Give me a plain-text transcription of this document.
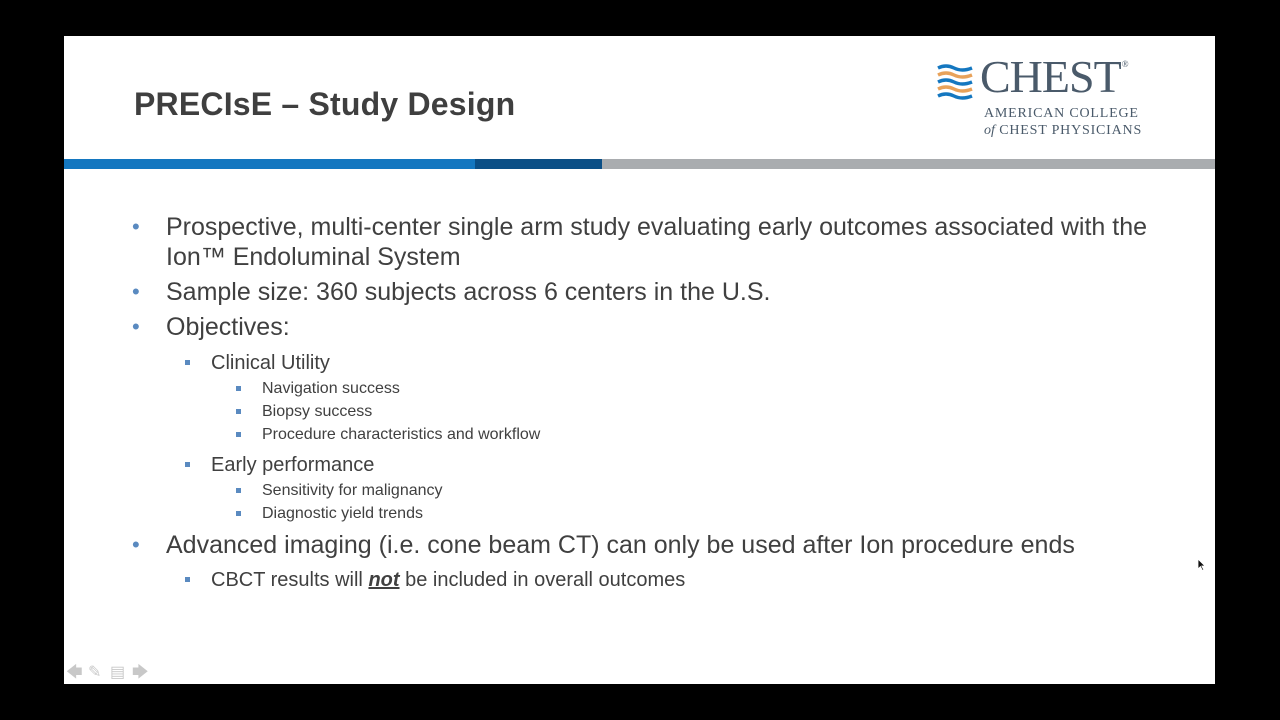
PRECIsE – Study Design
CHEST®
AMERICAN COLLEGE
of CHEST PHYSICIANS
• Prospective, multi-center single arm study evaluating early outcomes associated with the Ion™ Endoluminal System
• Sample size: 360 subjects across 6 centers in the U.S.
• Objectives:
Clinical Utility
Navigation success
Biopsy success
Procedure characteristics and workflow
Early performance
Sensitivity for malignancy
Diagnostic yield trends
• Advanced imaging (i.e. cone beam CT) can only be used after Ion procedure ends
CBCT results will not be included in overall outcomes
🡄 ✎ ▤ 🡆
